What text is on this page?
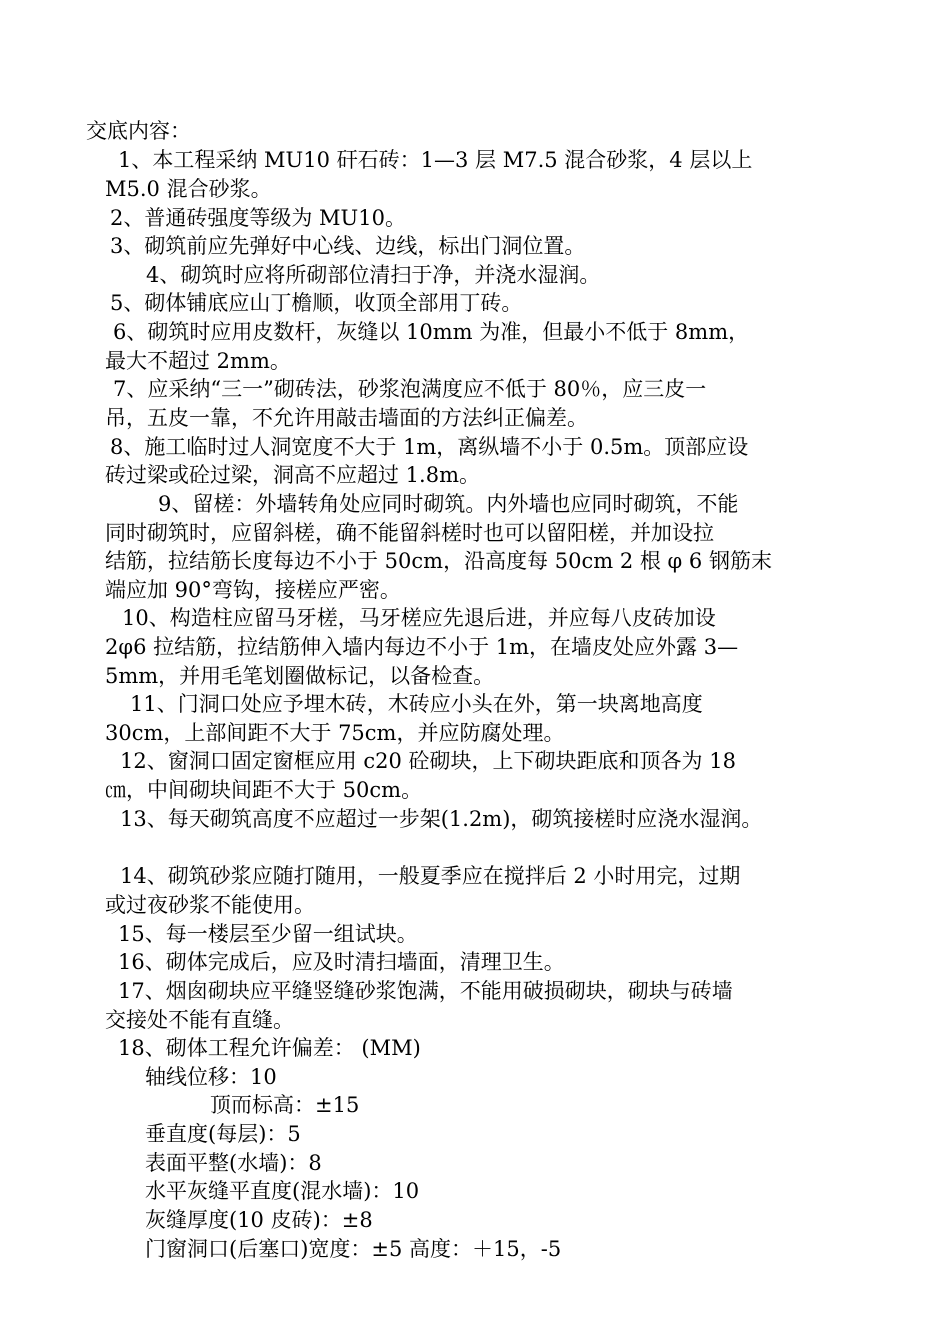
交底内容：
1、本工程采纳 MU10 矸石砖：1—3 层 M7.5 混合砂浆，4 层以上
M5.0 混合砂浆。
2、普通砖强度等级为 MU10。
3、砌筑前应先弹好中心线、边线，标出门洞位置。
4、砌筑时应将所砌部位清扫于净，并浇水湿润。
5、砌体铺底应山丁檐顺，收顶全部用丁砖。
6、砌筑时应用皮数杆，灰缝以 10mm 为准，但最小不低于 8mm，
最大不超过 2mm。
7、应采纳“三一”砌砖法，砂浆泡满度应不低于 80％，应三皮一
吊，五皮一靠，不允许用敲击墙面的方法纠正偏差。
8、施工临时过人洞宽度不大于 1m，离纵墙不小于 0.5m。顶部应设
砖过梁或砼过梁，洞高不应超过 1.8m。
9、留槎：外墙转角处应同时砌筑。内外墙也应同时砌筑，不能
同时砌筑时，应留斜槎，确不能留斜槎时也可以留阳槎，并加设拉
结筋，拉结筋长度每边不小于 50cm，沿高度每 50cm 2 根 φ 6 钢筋末
端应加 90°弯钩，接槎应严密。
10、构造柱应留马牙槎，马牙槎应先退后进，并应每八皮砖加设
2φ6 拉结筋，拉结筋伸入墙内每边不小于 1m，在墙皮处应外露 3—
5mm，并用毛笔划圈做标记，以备检查。
11、门洞口处应予埋木砖，木砖应小头在外，第一块离地高度
30cm，上部间距不大于 75cm，并应防腐处理。
12、窗洞口固定窗框应用 c20 砼砌块，上下砌块距底和顶各为 18
㎝，中间砌块间距不大于 50cm。
13、每天砌筑高度不应超过一步架(1.2m)，砌筑接槎时应浇水湿润。
14、砌筑砂浆应随打随用，一般夏季应在搅拌后 2 小时用完，过期
或过夜砂浆不能使用。
15、每一楼层至少留一组试块。
16、砌体完成后，应及时清扫墙面，清理卫生。
17、烟囱砌块应平缝竖缝砂浆饱满，不能用破损砌块，砌块与砖墙
交接处不能有直缝。
18、砌体工程允许偏差： (MM)
轴线位移：10
顶而标高：±15
垂直度(每层)：5
表面平整(水墙)：8
水平灰缝平直度(混水墙)：10
灰缝厚度(10 皮砖)：±8
门窗洞口(后塞口)宽度：±5 高度：＋15，-5
